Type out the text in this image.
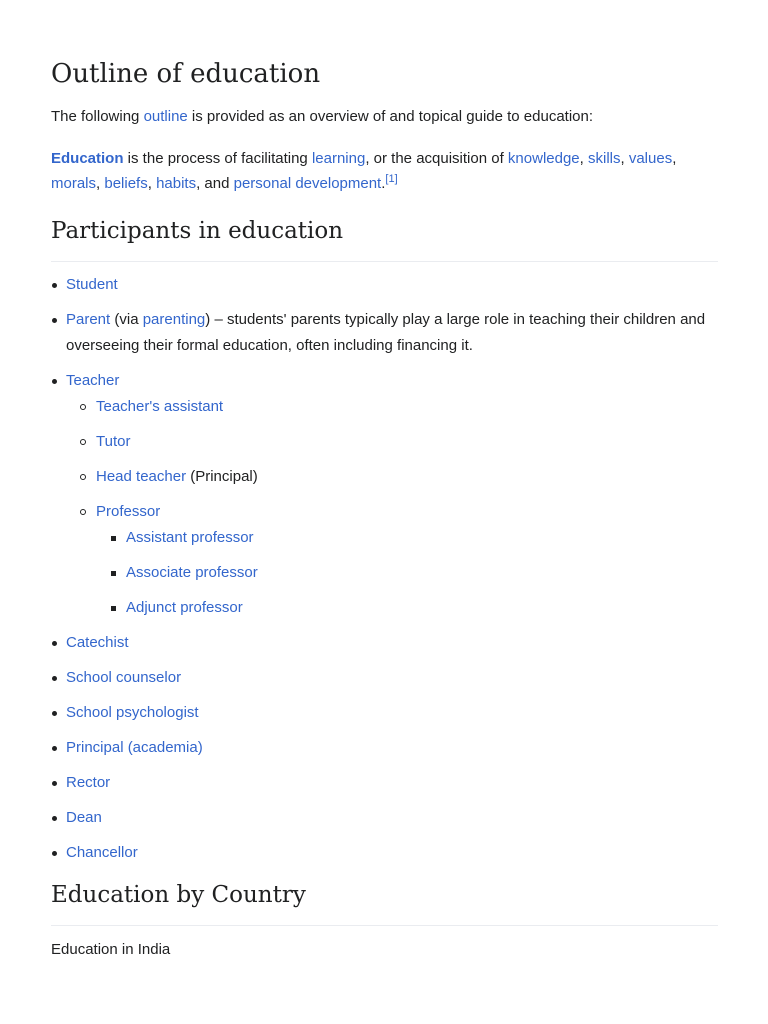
Outline of education

The following outline is provided as an overview of and topical guide to education:

Education is the process of facilitating learning, or the acquisition of knowledge, skills, values, morals, beliefs, habits, and personal development.[1]

Participants in education
Student
Parent (via parenting) – students' parents typically play a large role in teaching their children and overseeing their formal education, often including financing it.
Teacher
Teacher's assistant
Tutor
Head teacher (Principal)
Professor
Assistant professor
Associate professor
Adjunct professor
Catechist
School counselor
School psychologist
Principal (academia)
Rector
Dean
Chancellor
Education by Country
Education in India
